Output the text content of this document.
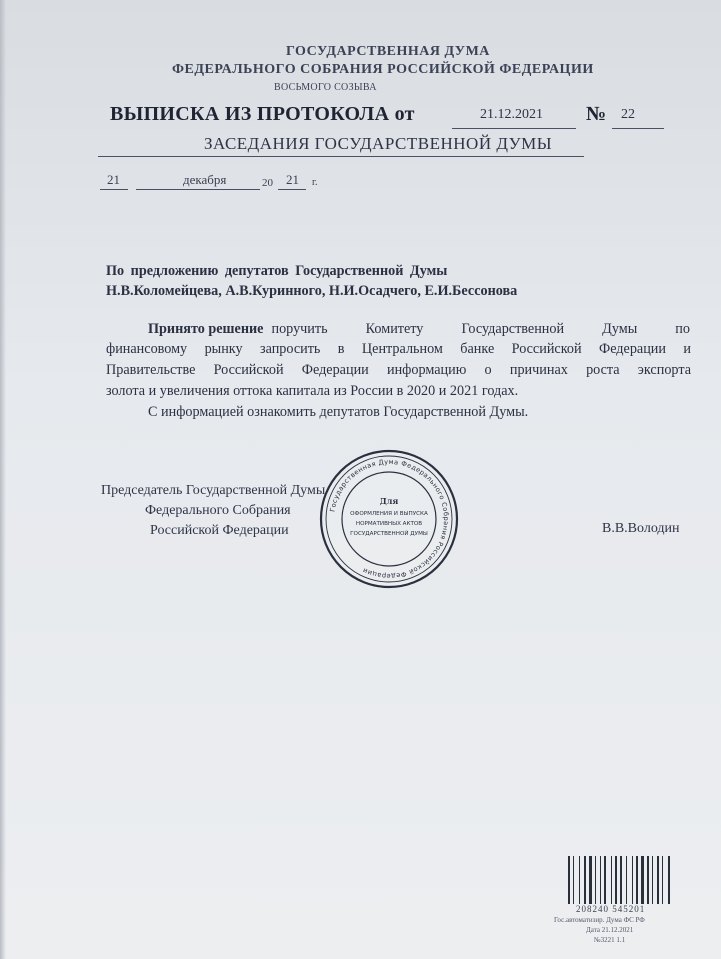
ГОСУДАРСТВЕННАЯ ДУМА
ФЕДЕРАЛЬНОГО СОБРАНИЯ РОССИЙСКОЙ ФЕДЕРАЦИИ
ВОСЬМОГО СОЗЫВА
ВЫПИСКА ИЗ ПРОТОКОЛА от	21.12.2021 № 22
ЗАСЕДАНИЯ ГОСУДАРСТВЕННОЙ ДУМЫ
21	декабря	20 21 г.
По предложению депутатов Государственной Думы
Н.В.Коломейцева, А.В.Куринного, Н.И.Осадчего, Е.И.Бессонова
Принято решение поручить Комитету Государственной Думы по
финансовому рынку запросить в Центральном банке Российской Федерации и
Правительстве Российской Федерации информацию о причинах роста экспорта
золота и увеличения оттока капитала из России в 2020 и 2021 годах.
С информацией ознакомить депутатов Государственной Думы.
Председатель Государственной Думы
Федерального Собрания
Российской Федерации	В.В.Володин
Государственная Дума Федерального Собрания Российской Федерации
Для
ОФОРМЛЕНИЯ И ВЫПУСКА
НОРМАТИВНЫХ АКТОВ
ГОСУДАРСТВЕННОЙ ДУМЫ
208240 545201
Гос.автоматизир. Дума ФС РФ
Дата 21.12.2021
№3221 1.1
